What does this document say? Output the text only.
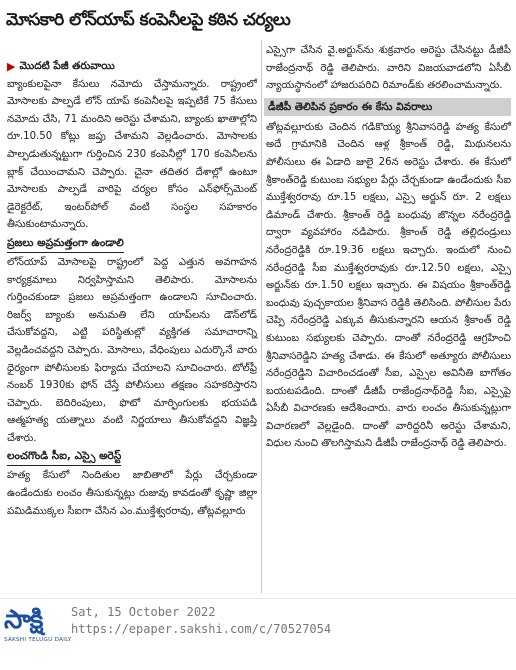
మోసకారి లోన్‌యాప్ కంపెనీలపై కఠిన చర్యలు
▶ మొదటి పేజీ తరువాయి

బ్యాంకులపైనా కేసులు నమోదు చేస్తామన్నారు. రాష్ట్రంలో మోసాలకు పాల్పడే లోన్ యాప్ కంపెనీలపై ఇప్పటికే 75 కేసులు నమోదు చేసి, 71 మందిని అరెస్టు చేశామని, బ్యాంకు ఖాతాల్లోని రూ.10.50 కోట్లు జప్తు చేశామని వెల్లడించారు. మోసాలకు పాల్పడుతున్నట్టుగా గుర్తించిన 230 కంపెనీల్లో 170 కంపెనీలను బ్లాక్ చేయించామని చెప్పారు. చైనా తదితర దేశాల్లో ఉంటూ మోసాలకు పాల్పడే వారిపై చర్యల కోసం ఎన్‌ఫోర్స్‌మెంట్ డైరెక్టరేట్, ఇంటర్‌పోల్ వంటి సంస్థల సహకారం తీసుకుంటామన్నారు.

ప్రజలు అప్రమత్తంగా ఉండాలి

లోన్‌యాప్ మోసాలపై రాష్ట్రంలో పెద్ద ఎత్తున అవగాహన కార్యక్రమాలు నిర్వహిస్తామని తెలిపారు. మోసాలను గుర్తించకుండా ప్రజలు అప్రమత్తంగా ఉండాలని సూచించారు. రిజర్వ్ బ్యాంకు అనుమతి లేని యాప్‌లను డౌన్‌లోడ్ చేసుకోవద్దని, ఎట్టి పరిస్థితుల్లో వ్యక్తిగత సమాచారాన్ని వెల్లడించవద్దని చెప్పారు. మోసాలు, వేధింపులు ఎదుర్కొనే వారు ధైర్యంగా పోలీసులకు ఫిర్యాదు చేయాలని సూచించారు. టోల్‌ఫ్రీ నంబర్ 1930కు ఫోన్ చేస్తే పోలీసులు తక్షణం సహకరిస్తారని చెప్పారు. బెదిరింపులు, ఫొటో మార్ఫింగులకు భయపడి ఆత్మహత్య యత్నాలు వంటి నిర్ణయాలు తీసుకోవద్దని విజ్ఞప్తి చేశారు.

లంచగొండి సీఐ, ఎస్సై అరెస్ట్

హత్య కేసులో నిందితుల జాబితాలో పేర్లు చేర్చకుండా ఉండేందుకు లంచం తీసుకున్నట్లు రుజువు కావడంతో కృష్ణా జిల్లా పమిడిముక్కల సీఐగా చేసిన ఎం.ముక్తేశ్వరరావు, తోట్లవల్లూరు

ఎస్సైగా చేసిన వై.అర్జున్‌ను శుక్రవారం అరెస్టు చేసినట్టు డీజీపీ రాజేంద్రనాథ్ రెడ్డి తెలిపారు. వారిని విజయవాడలోని ఏసీబీ న్యాయస్థానంలో హాజరుపరిచి రిమాండ్‌కు తరలించామన్నారు.

డీజీపీ తెలిపిన ప్రకారం ఈ కేసు వివరాలు

తోట్లవల్లూరుకు చెందిన గడికొయ్య శ్రీనివాసరెడ్డి హత్య కేసులో అదే గ్రామానికి చెందిన ఆళ్ల శ్రీకాంత్ రెడ్డి, మిథునలను పోలీసులు ఈ ఏడాది జులై 26న అరెస్టు చేశారు. ఈ కేసులో శ్రీకాంత్‌రెడ్డి కుటుంబ సభ్యుల పేర్లు చేర్చకుండా ఉండేందుకు సీఐ ముక్తేశ్వరరావు రూ.15 లక్షలు, ఎస్సై అర్జున్ రూ. 2 లక్షలు డిమాండ్ చేశారు. శ్రీకాంత్ రెడ్డి బంధువు జొన్నల నరేంద్రరెడ్డి ద్వారా వ్యవహారం నడిపారు. శ్రీకాంత్ రెడ్డి తల్లిదండ్రులు నరేంద్రరెడ్డికి రూ.19.36 లక్షలు ఇచ్చారు. ఇందులో నుంచి నరేంద్రరెడ్డి సీఐ ముక్తేశ్వరరావుకు రూ.12.50 లక్షలు, ఎస్సై అర్జున్‌కు రూ.1.50 లక్షలు ఇచ్చారు. ఈ విషయం శ్రీకాంత్‌రెడ్డి బంధువు పుచ్చకాయల శ్రీనివాస రెడ్డికి తెలిసింది. పోలీసుల పేరు చెప్పి నరేంద్రరెడ్డి ఎక్కువ తీసుకున్నారని ఆయన శ్రీకాంత్ రెడ్డి కుటుంబ సభ్యులకు చెప్పారు. దాంతో నరేంద్రరెడ్డి ఆగ్రహించి శ్రీనివాసరెడ్డిని హత్య చేశాడు. ఈ కేసులో అత్యూరు పోలీసులు నరేంద్రరెడ్డిని విచారించడంతో సీఐ, ఎస్సైల అవినీతి బాగోతం బయటపడింది. దాంతో డీజీపీ రాజేంద్రనాథ్‌రెడ్డి సీఐ, ఎస్సైపై ఏసీబీ విచారణకు ఆదేశించారు. వారు లంచం తీసుకున్నట్లుగా విచారణలో వెల్లడైంది. దాంతో వారిద్దరినీ అరెస్టు చేశామని, విధుల నుంచి తొలగిస్తామని డీజీపీ రాజేంద్రనాథ్ రెడ్డి తెలిపారు.

సాక్షి
SAKSHI TELUGU DAILY
Sat, 15 October 2022
https://epaper.sakshi.com/c/70527054
